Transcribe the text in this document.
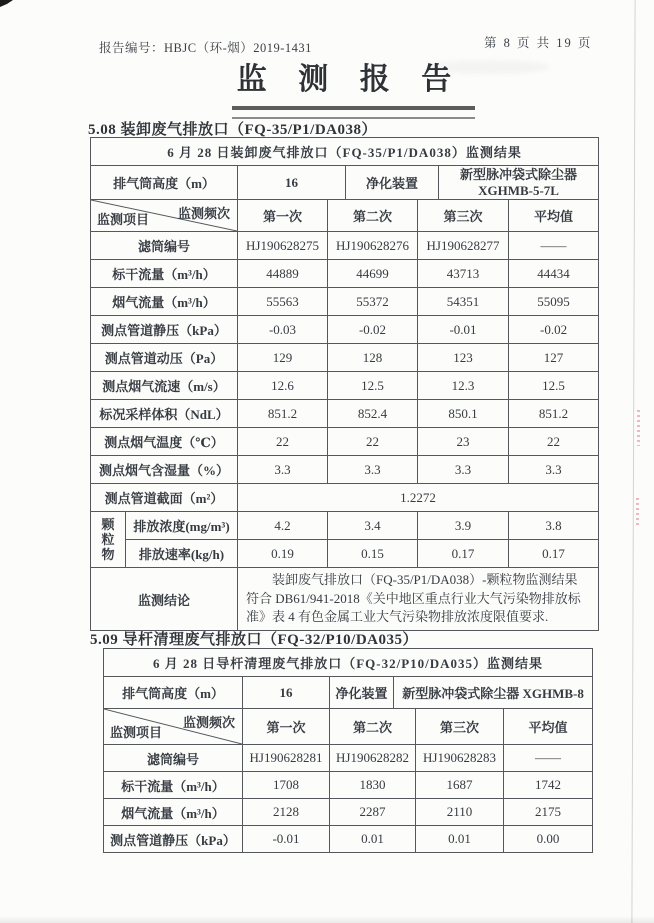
报告编号：HBJC（环-烟）2019-1431	第 8 页 共 19 页
监 测 报 告
5.08 装卸废气排放口（FQ-35/P1/DA038）
6 月 28 日装卸废气排放口（FQ-35/P1/DA038）监测结果							
排气筒高度（m）		16		净化装置		新型脉冲袋式除尘器
XGHMB-5-7L	

监测频次
监测项目		第一次	第二次		第三次		平均值
滤筒编号		HJ190628275	HJ190628276		HJ190628277		——
标干流量（m³/h）		44889	44699		43713		44434
烟气流量（m³/h）		55563	55372		54351		55095
测点管道静压（kPa）		-0.03	-0.02		-0.01		-0.02
测点管道动压（Pa）		129	128		123		127
测点烟气流速（m/s）		12.6	12.5		12.3		12.5
标况采样体积（NdL）		851.2	852.4		850.1		851.2
测点烟气温度（℃）		22	22		23		22
测点烟气含湿量（%）		3.3	3.3		3.3		3.3
测点管道截面（m²）		1.2272					

颗粒物	排放浓度(mg/m³)	4.2	3.4		3.9		3.8
	排放速率(kg/h)	0.19	0.15		0.17		0.17
监测结论		装卸废气排放口（FQ-35/P1/DA038）-颗粒物监测结果符合 DB61/941-2018《关中地区重点行业大气污染物排放标准》表 4 有色金属工业大气污染物排放浓度限值要求.					
5.09 导杆清理废气排放口（FQ-32/P10/DA035）
6 月 28 日导杆清理废气排放口（FQ-32/P10/DA035）监测结果					
排气筒高度（m）	16	净化装置	新型脉冲袋式除尘器 XGHMB-8		

监测频次
监测项目	第一次	第二次		第三次	平均值
滤筒编号	HJ190628281	HJ190628282		HJ190628283	——
标干流量（m³/h）	1708	1830		1687	1742
烟气流量（m³/h）	2128	2287		2110	2175
测点管道静压（kPa）	-0.01	0.01		0.01	0.00
